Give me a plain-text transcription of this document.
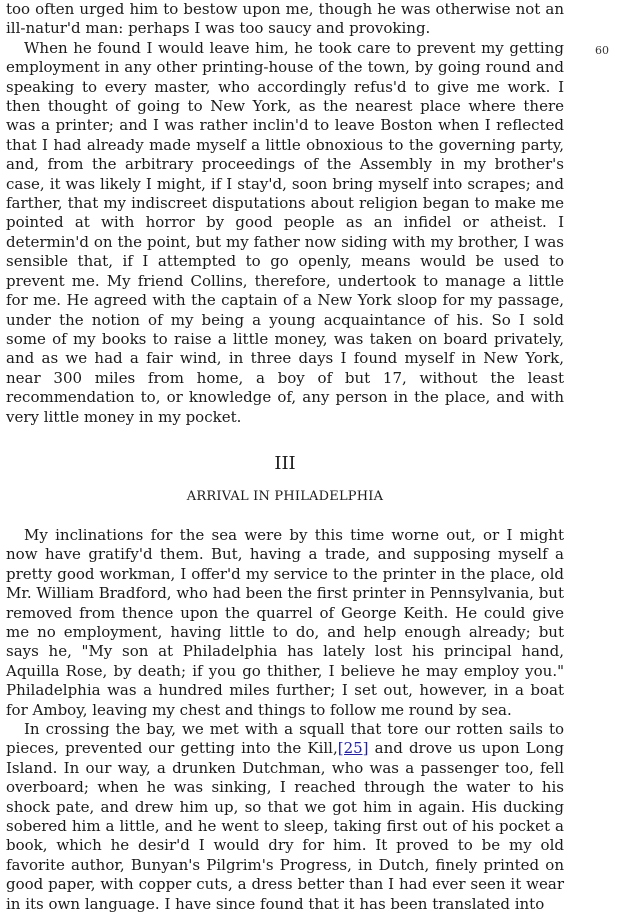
60

too often urged him to bestow upon me, though he was otherwise not an ill-natur'd man: perhaps I was too saucy and provoking.

When he found I would leave him, he took care to prevent my getting employment in any other printing-house of the town, by going round and speaking to every master, who accordingly refus'd to give me work. I then thought of going to New York, as the nearest place where there was a printer; and I was rather inclin'd to leave Boston when I reflected that I had already made myself a little obnoxious to the governing party, and, from the arbitrary proceedings of the Assembly in my brother's case, it was likely I might, if I stay'd, soon bring myself into scrapes; and farther, that my indiscreet disputations about religion began to make me pointed at with horror by good people as an infidel or atheist. I determin'd on the point, but my father now siding with my brother, I was sensible that, if I attempted to go openly, means would be used to prevent me. My friend Collins, therefore, undertook to manage a little for me. He agreed with the captain of a New York sloop for my passage, under the notion of my being a young acquaintance of his. So I sold some of my books to raise a little money, was taken on board privately, and as we had a fair wind, in three days I found myself in New York, near 300 miles from home, a boy of but 17, without the least recommendation to, or knowledge of, any person in the place, and with very little money in my pocket.

III
ARRIVAL IN PHILADELPHIA

My inclinations for the sea were by this time worne out, or I might now have gratify'd them. But, having a trade, and supposing myself a pretty good workman, I offer'd my service to the printer in the place, old Mr. William Bradford, who had been the first printer in Pennsylvania, but removed from thence upon the quarrel of George Keith. He could give me no employment, having little to do, and help enough already; but says he, "My son at Philadelphia has lately lost his principal hand, Aquilla Rose, by death; if you go thither, I believe he may employ you." Philadelphia was a hundred miles further; I set out, however, in a boat for Amboy, leaving my chest and things to follow me round by sea.

In crossing the bay, we met with a squall that tore our rotten sails to pieces, prevented our getting into the Kill,[25] and drove us upon Long Island. In our way, a drunken Dutchman, who was a passenger too, fell overboard; when he was sinking, I reached through the water to his shock pate, and drew him up, so that we got him in again. His ducking sobered him a little, and he went to sleep, taking first out of his pocket a book, which he desir'd I would dry for him. It proved to be my old favorite author, Bunyan's Pilgrim's Progress, in Dutch, finely printed on good paper, with copper cuts, a dress better than I had ever seen it wear in its own language. I have since found that it has been translated into
